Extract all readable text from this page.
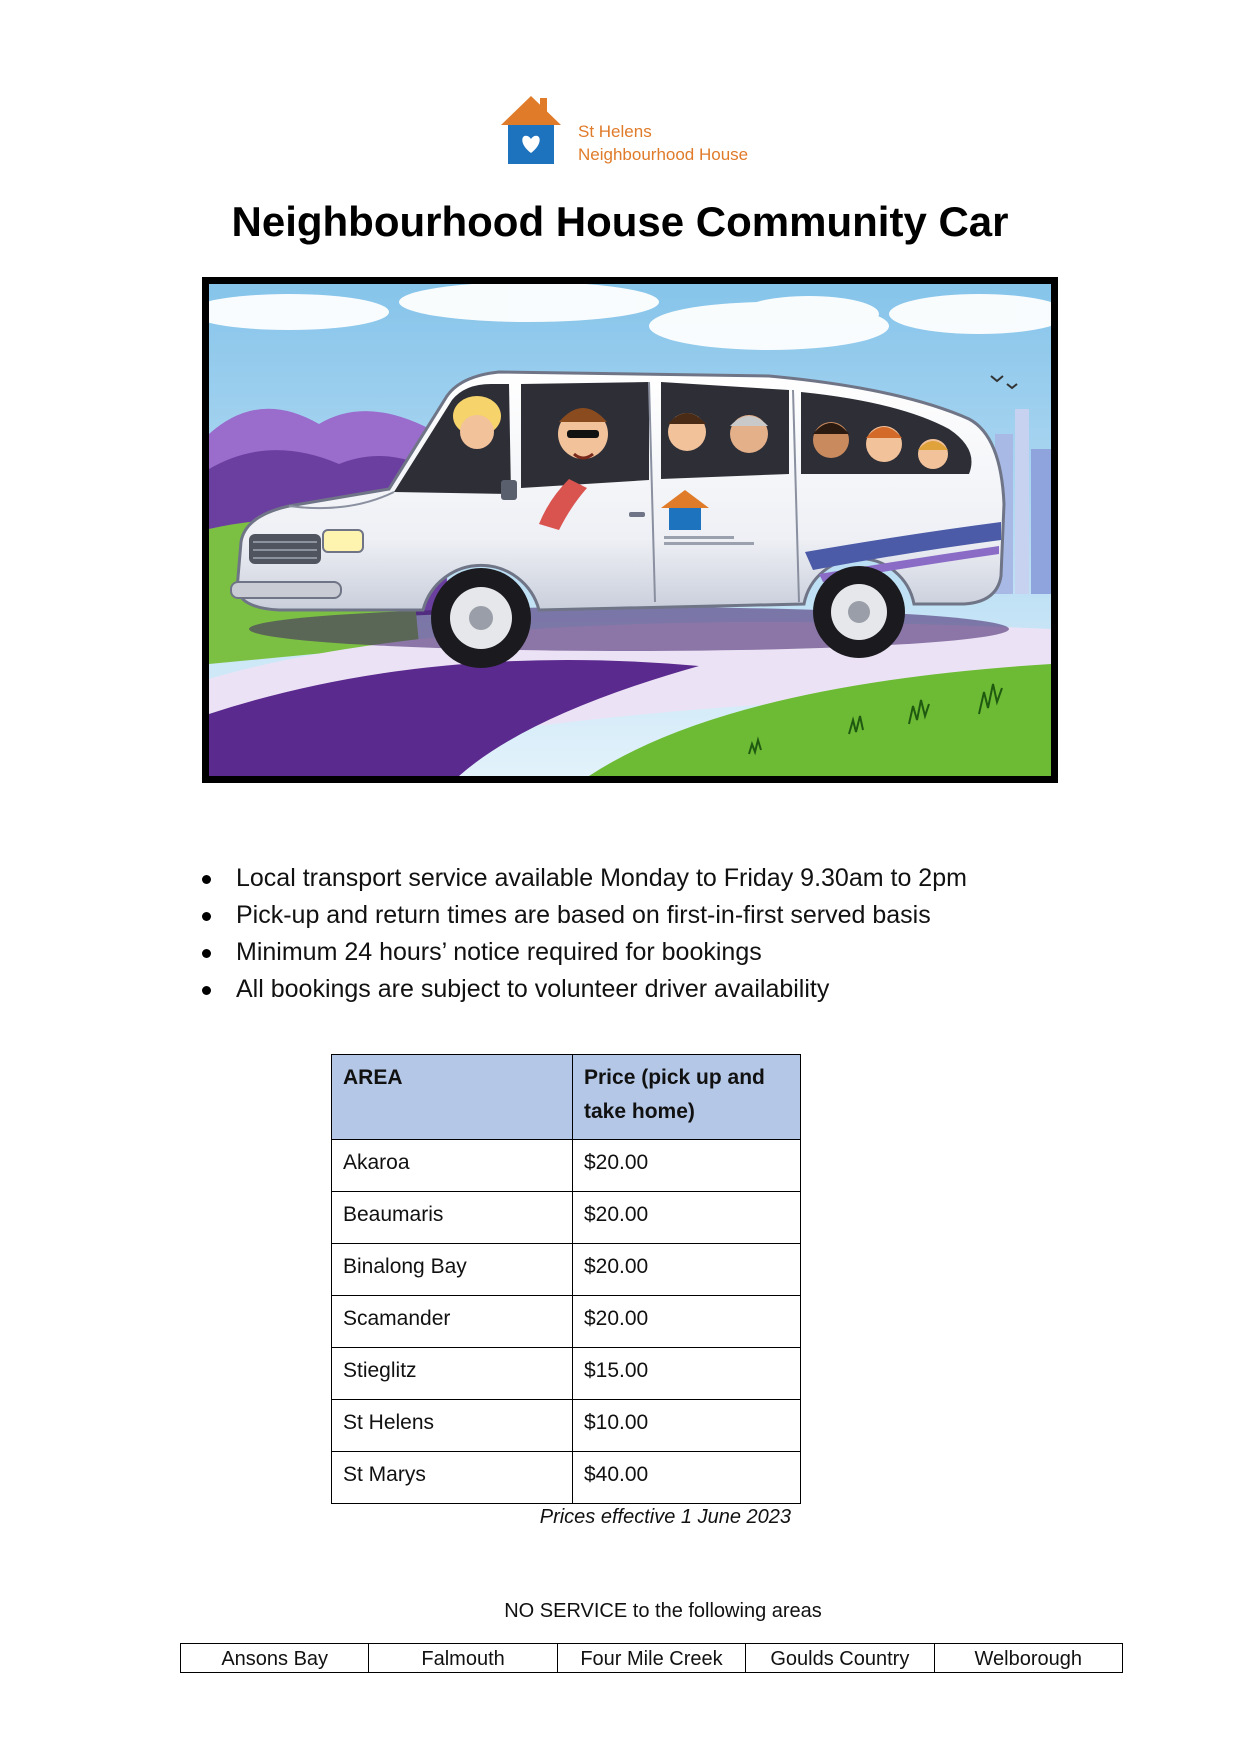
St Helens
Neighbourhood House
Neighbourhood House Community Car
Local transport service available Monday to Friday 9.30am to 2pm
Pick-up and return times are based on first-in-first served basis
Minimum 24 hours’ notice required for bookings
All bookings are subject to volunteer driver availability
AREA	Price (pick up and take home)
Akaroa	$20.00
Beaumaris	$20.00
Binalong Bay	$20.00
Scamander	$20.00
Stieglitz	$15.00
St Helens	$10.00
St Marys	$40.00
Prices effective 1 June 2023
NO SERVICE to the following areas
Ansons Bay	Falmouth	Four Mile Creek	Goulds Country	Welborough
